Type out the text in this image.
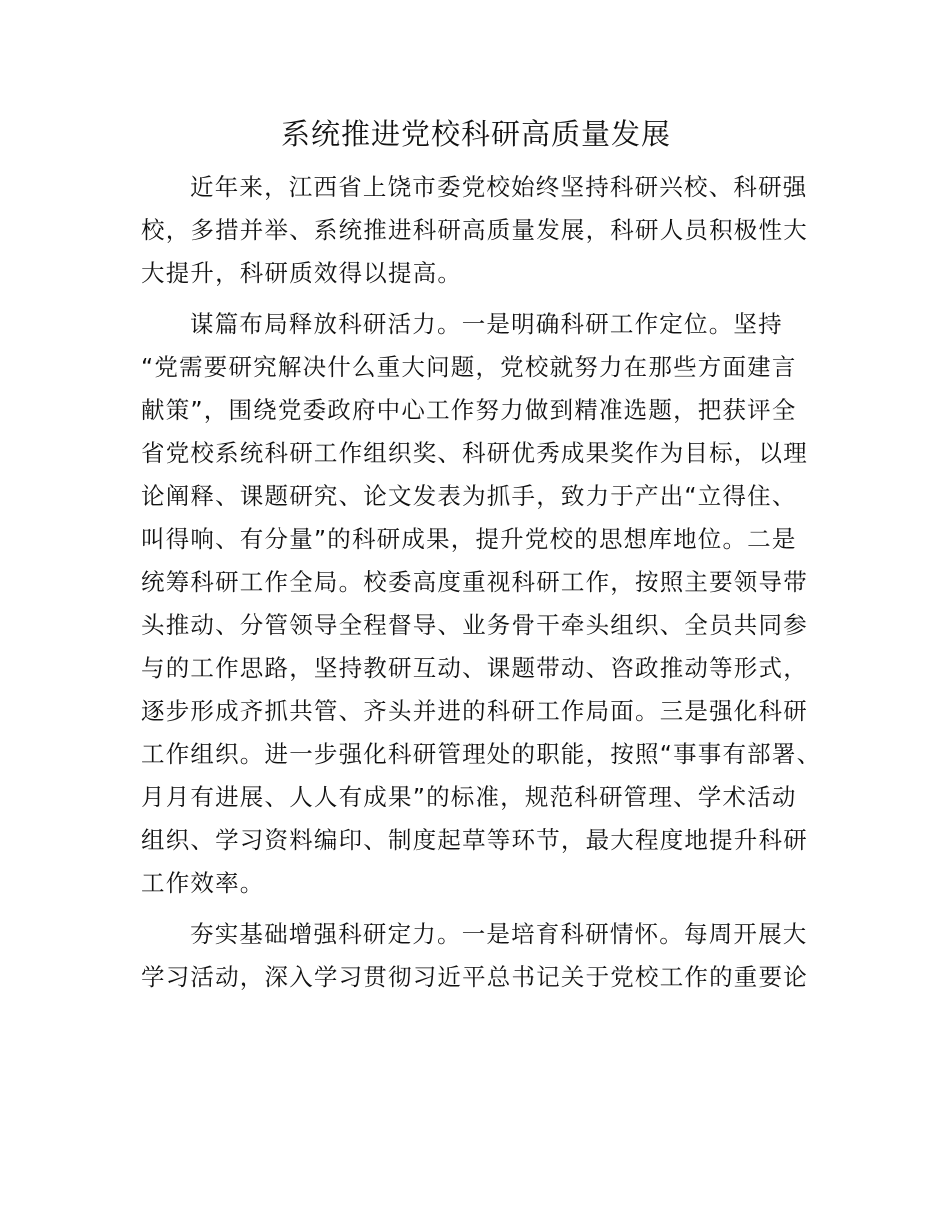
系统推进党校科研高质量发展
近年来，江西省上饶市委党校始终坚持科研兴校、科研强
校，多措并举、系统推进科研高质量发展，科研人员积极性大
大提升，科研质效得以提高。
谋篇布局释放科研活力。一是明确科研工作定位。坚持
“党需要研究解决什么重大问题，党校就努力在那些方面建言
献策”，围绕党委政府中心工作努力做到精准选题，把获评全
省党校系统科研工作组织奖、科研优秀成果奖作为目标，以理
论阐释、课题研究、论文发表为抓手，致力于产出“立得住、
叫得响、有分量”的科研成果，提升党校的思想库地位。二是
统筹科研工作全局。校委高度重视科研工作，按照主要领导带
头推动、分管领导全程督导、业务骨干牵头组织、全员共同参
与的工作思路，坚持教研互动、课题带动、咨政推动等形式，
逐步形成齐抓共管、齐头并进的科研工作局面。三是强化科研
工作组织。进一步强化科研管理处的职能，按照“事事有部署、
月月有进展、人人有成果”的标准，规范科研管理、学术活动
组织、学习资料编印、制度起草等环节，最大程度地提升科研
工作效率。
夯实基础增强科研定力。一是培育科研情怀。每周开展大
学习活动，深入学习贯彻习近平总书记关于党校工作的重要论
